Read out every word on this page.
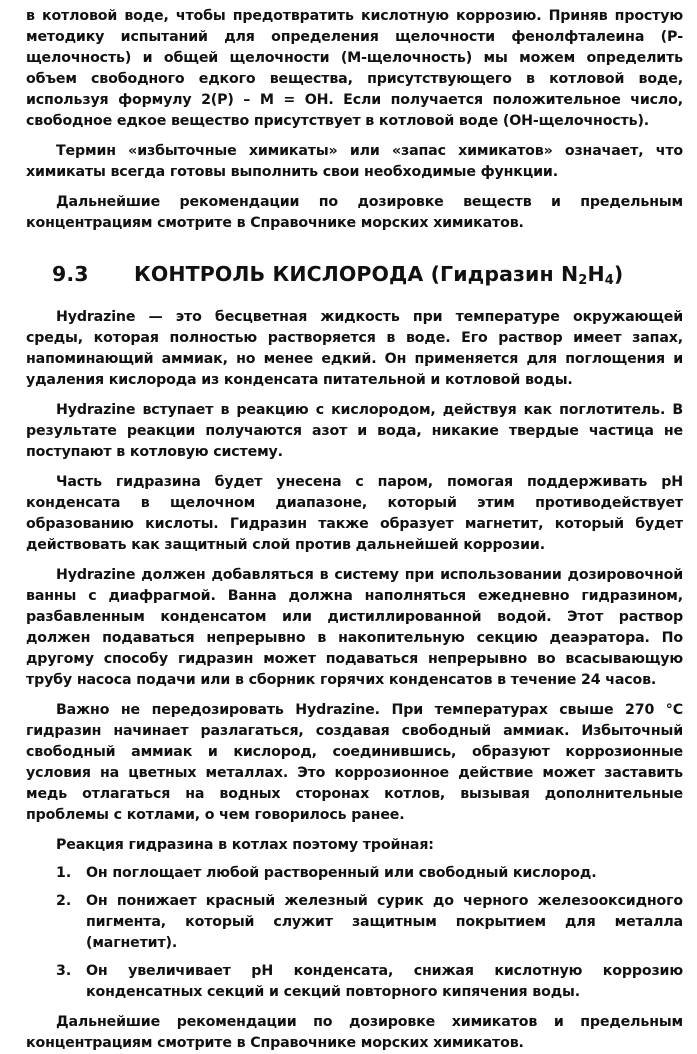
в котловой воде, чтобы предотвратить кислотную коррозию. Приняв простую методику испытаний для определения щелочности фенолфталеина (Р-щелочность) и общей щелочности (М-щелочность) мы можем определить объем свободного едкого вещества, присутствующего в котловой воде, используя формулу 2(Р) – М = ОН. Если получается положительное число, свободное едкое вещество присутствует в котловой воде (ОН-щелочность).

Термин «избыточные химикаты» или «запас химикатов» означает, что химикаты всегда готовы выполнить свои необходимые функции.

Дальнейшие рекомендации по дозировке веществ и предельным концентрациям смотрите в Справочнике морских химикатов.

9.3 КОНТРОЛЬ КИСЛОРОДА (Гидразин $N_2H_4$)

Hydrazine — это бесцветная жидкость при температуре окружающей среды, которая полностью растворяется в воде. Его раствор имеет запах, напоминающий аммиак, но менее едкий. Он применяется для поглощения и удаления кислорода из конденсата питательной и котловой воды.

Hydrazine вступает в реакцию с кислородом, действуя как поглотитель. В результате реакции получаются азот и вода, никакие твердые частица не поступают в котловую систему.

Часть гидразина будет унесена с паром, помогая поддерживать рН конденсата в щелочном диапазоне, который этим противодействует образованию кислоты. Гидразин также образует магнетит, который будет действовать как защитный слой против дальнейшей коррозии.

Hydrazine должен добавляться в систему при использовании дозировочной ванны с диафрагмой. Ванна должна наполняться ежедневно гидразином, разбавленным конденсатом или дистиллированной водой. Этот раствор должен подаваться непрерывно в накопительную секцию деаэратора. По другому способу гидразин может подаваться непрерывно во всасывающую трубу насоса подачи или в сборник горячих конденсатов в течение 24 часов.

Важно не передозировать Hydrazine. При температурах свыше 270 °С гидразин начинает разлагаться, создавая свободный аммиак. Избыточный свободный аммиак и кислород, соединившись, образуют коррозионные условия на цветных металлах. Это коррозионное действие может заставить медь отлагаться на водных сторонах котлов, вызывая дополнительные проблемы с котлами, о чем говорилось ранее.

Реакция гидразина в котлах поэтому тройная:

1.	Он поглощает любой растворенный или свободный кислород.

2.	Он понижает красный железный сурик до черного железооксидного пигмента, который служит защитным покрытием для металла (магнетит).

3.	Он увеличивает рН конденсата, снижая кислотную коррозию конденсатных секций и секций повторного кипячения воды.

Дальнейшие рекомендации по дозировке химикатов и предельным концентрациям смотрите в Справочнике морских химикатов.
